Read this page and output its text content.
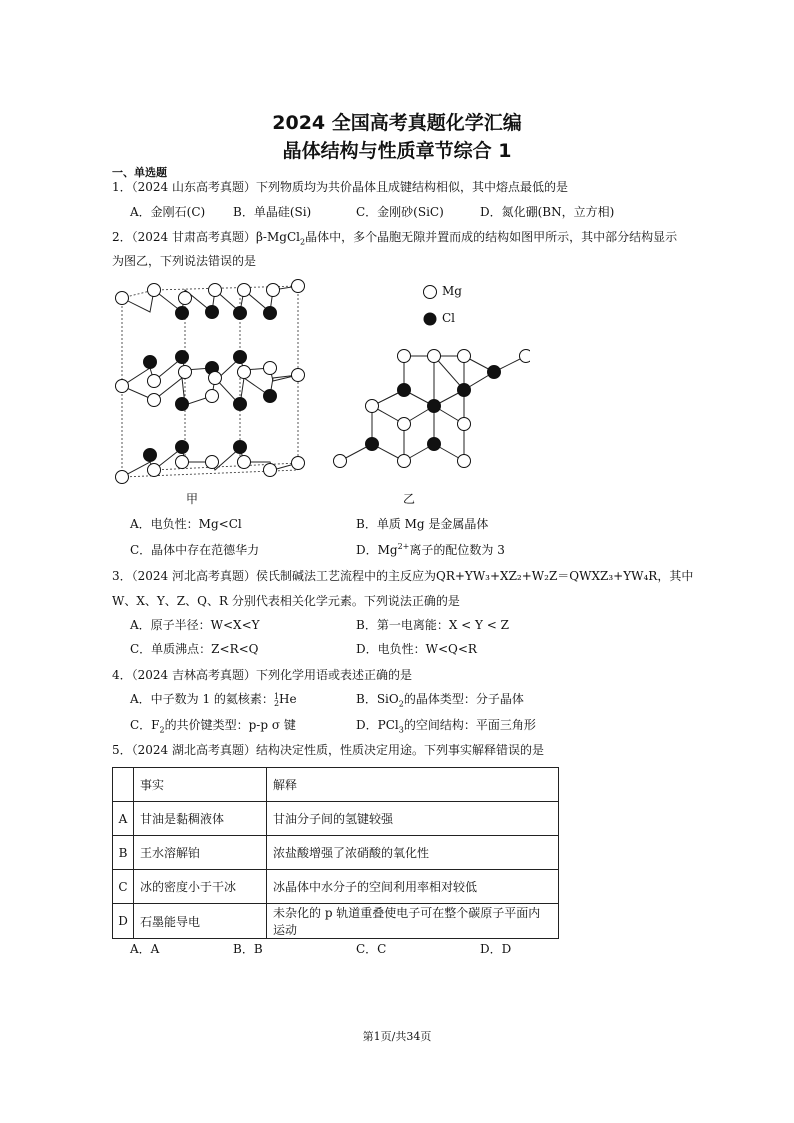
2024 全国高考真题化学汇编
晶体结构与性质章节综合 1
一、单选题
1．（2024 山东高考真题）下列物质均为共价晶体且成键结构相似，其中熔点最低的是
A．金刚石(C) B．单晶硅(Si)	C．金刚砂(SiC)	D．氮化硼(BN，立方相)
2．（2024 甘肃高考真题）β-MgCl$_2$晶体中，多个晶胞无隙并置而成的结构如图甲所示，其中部分结构显示
为图乙，下列说法错误的是
甲
Mg
Cl
乙
A．电负性：Mg<Cl	B．单质 Mg 是金属晶体
C．晶体中存在范德华力	D．$Mg^{2+}$离子的配位数为 3
3．（2024 河北高考真题）侯氏制碱法工艺流程中的主反应为QR+YW₃+XZ₂+W₂Z＝QWXZ₃+YW₄R，其中
W、X、Y、Z、Q、R 分别代表相关化学元素。下列说法正确的是
A．原子半径：W<X<Y	B．第一电离能：X < Y < Z
C．单质沸点：Z<R<Q	D．电负性：W<Q<R
4．（2024 吉林高考真题）下列化学用语或表述正确的是
A．中子数为 1 的氦核素：1
2He	B．SiO$_2$的晶体类型：分子晶体
C．$F_2$的共价键类型：p-p σ 键	D．PCl$_3$的空间结构：平面三角形
5．（2024 湖北高考真题）结构决定性质，性质决定用途。下列事实解释错误的是
	事实	解释
A	甘油是黏稠液体	甘油分子间的氢键较强
B	王水溶解铂	浓盐酸增强了浓硝酸的氧化性
C	冰的密度小于干冰	冰晶体中水分子的空间利用率相对较低
D	石墨能导电	未杂化的 p 轨道重叠使电子可在整个碳原子平面内运动
A．A	B．B	C．C	D．D
第1页/共34页
